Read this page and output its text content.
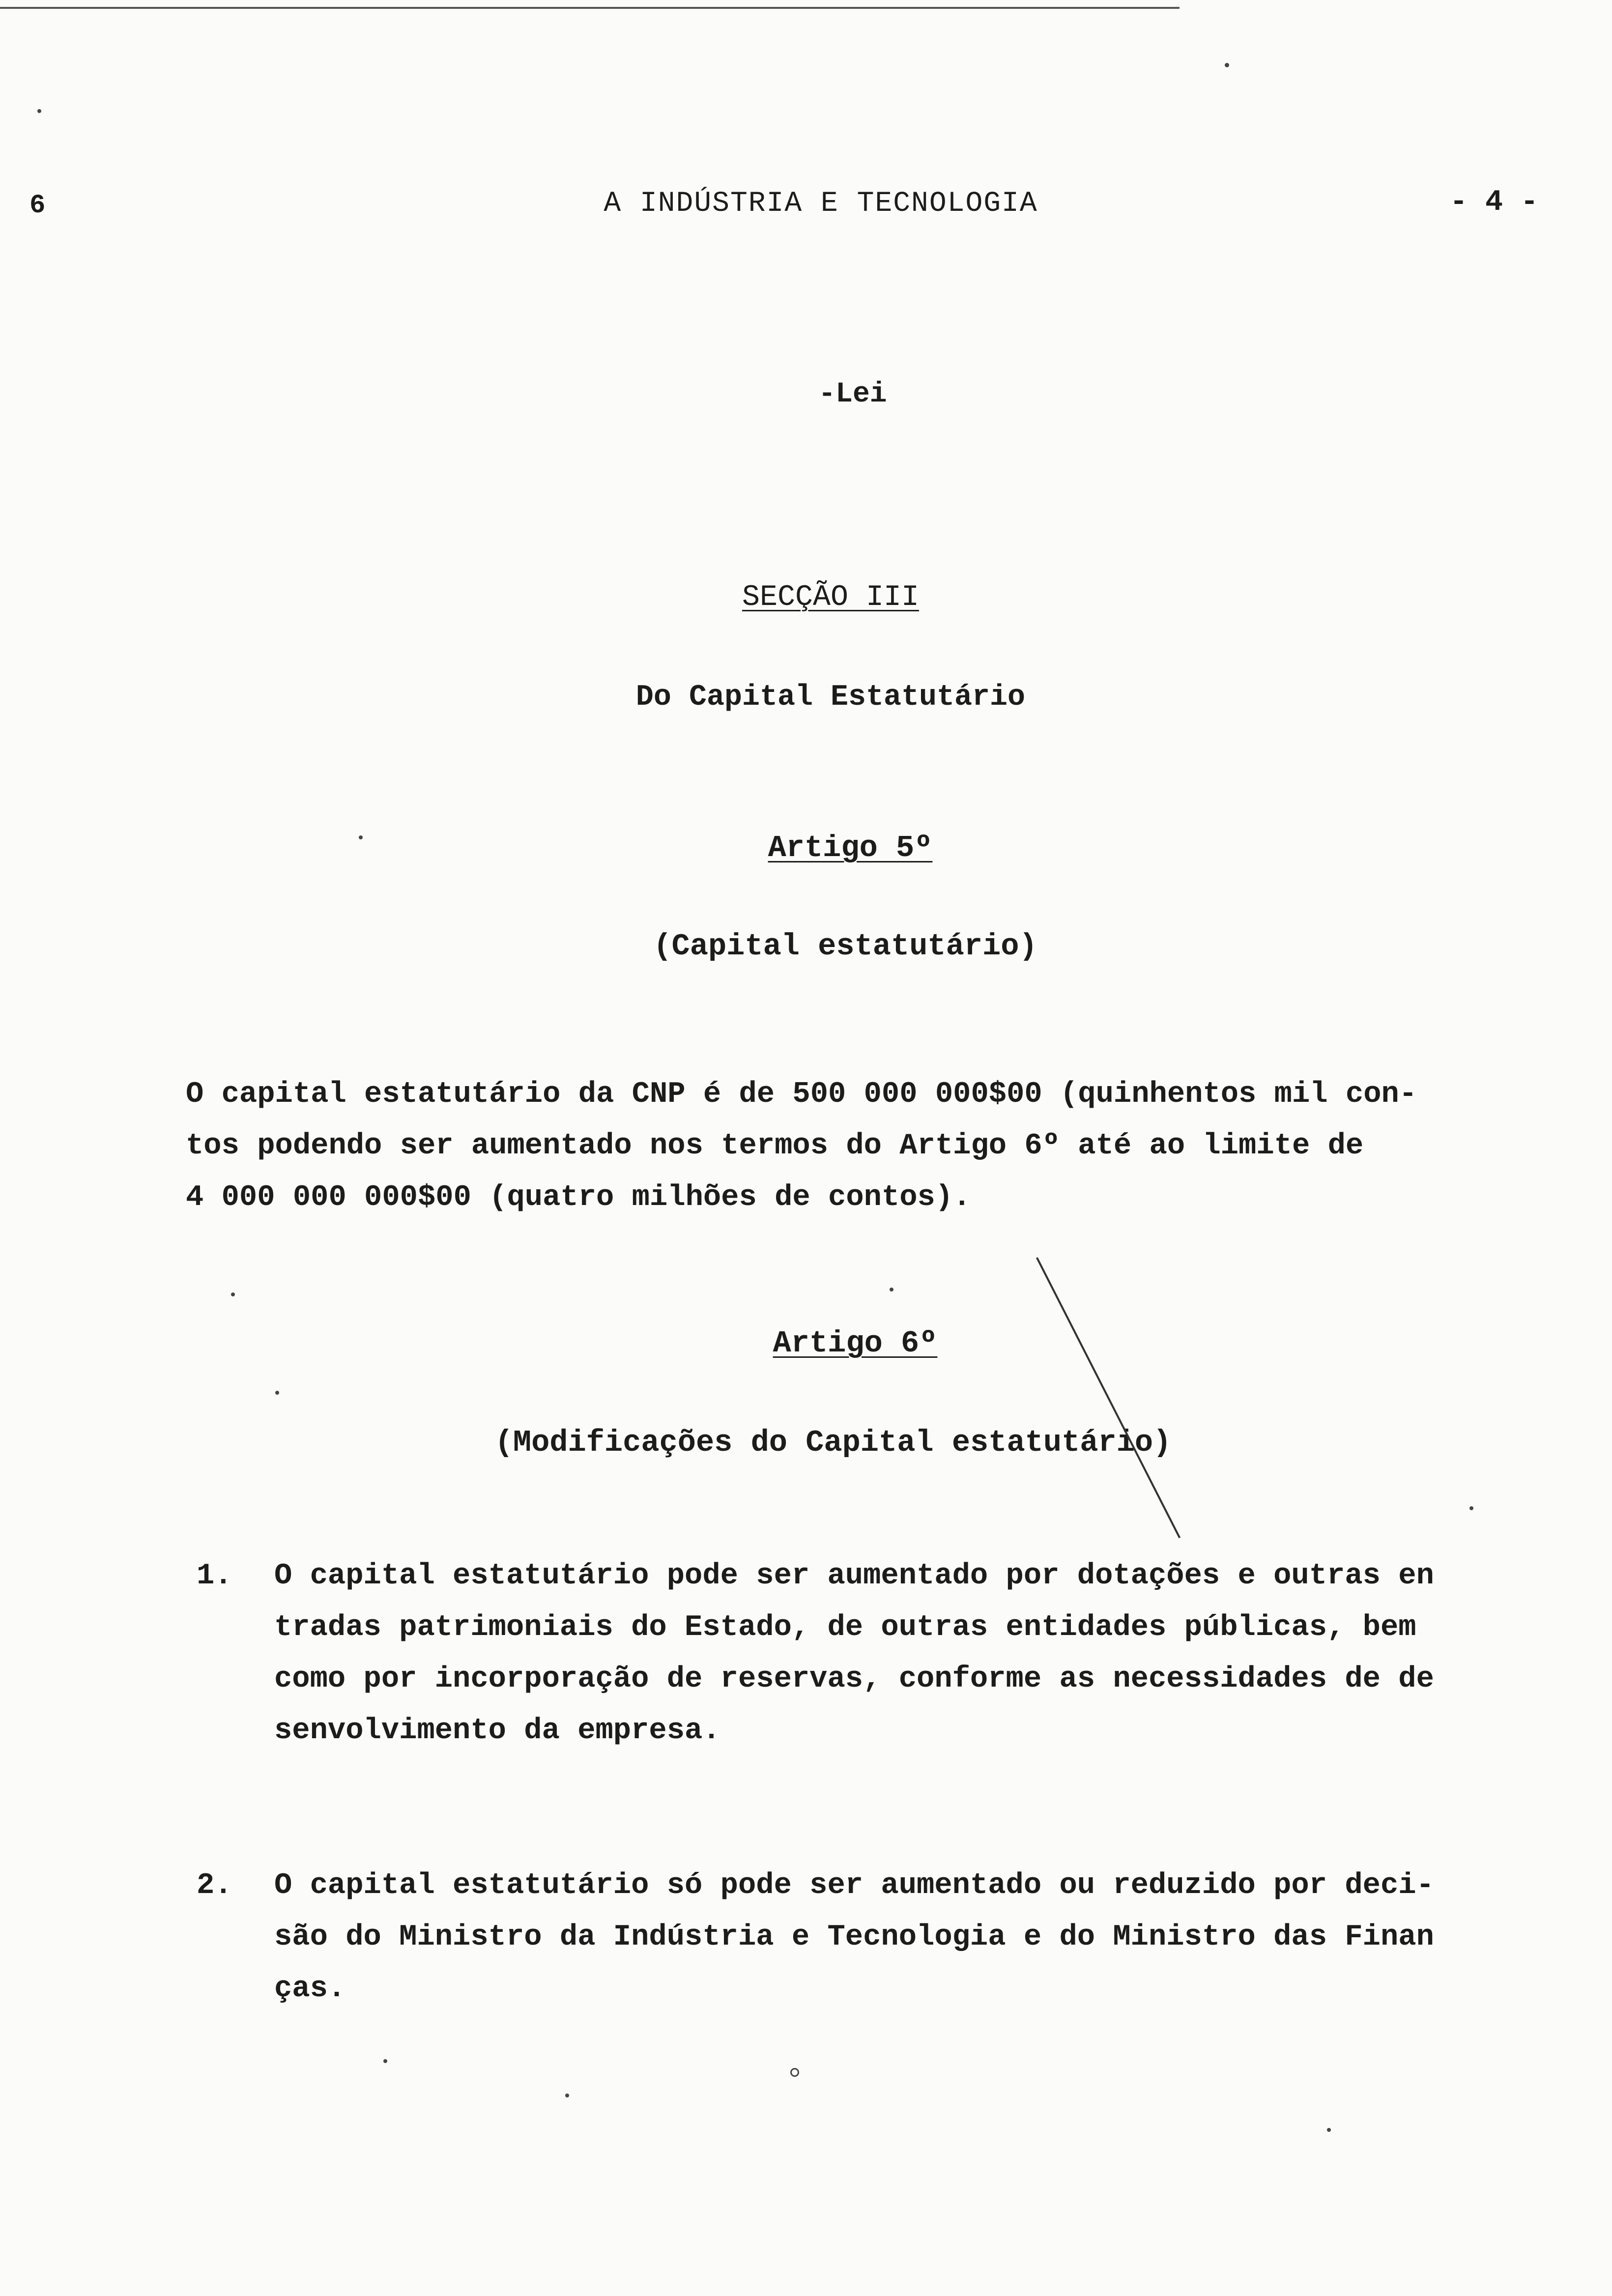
6	A INDÚSTRIA E TECNOLOGIA	- 4 -
-Lei
SECÇÃO III
Do Capital Estatutário
Artigo 5º
(Capital estatutário)
O capital estatutário da CNP é de 500 000 000$00 (quinhentos mil con-
tos podendo ser aumentado nos termos do Artigo 6º até ao limite de
4 000 000 000$00 (quatro milhões de contos).
Artigo 6º
(Modificações do Capital estatutário)
1. O capital estatutário pode ser aumentado por dotações e outras en
tradas patrimoniais do Estado, de outras entidades públicas, bem
como por incorporação de reservas, conforme as necessidades de de
senvolvimento da empresa.
2. O capital estatutário só pode ser aumentado ou reduzido por deci-
são do Ministro da Indústria e Tecnologia e do Ministro das Finan
ças.
